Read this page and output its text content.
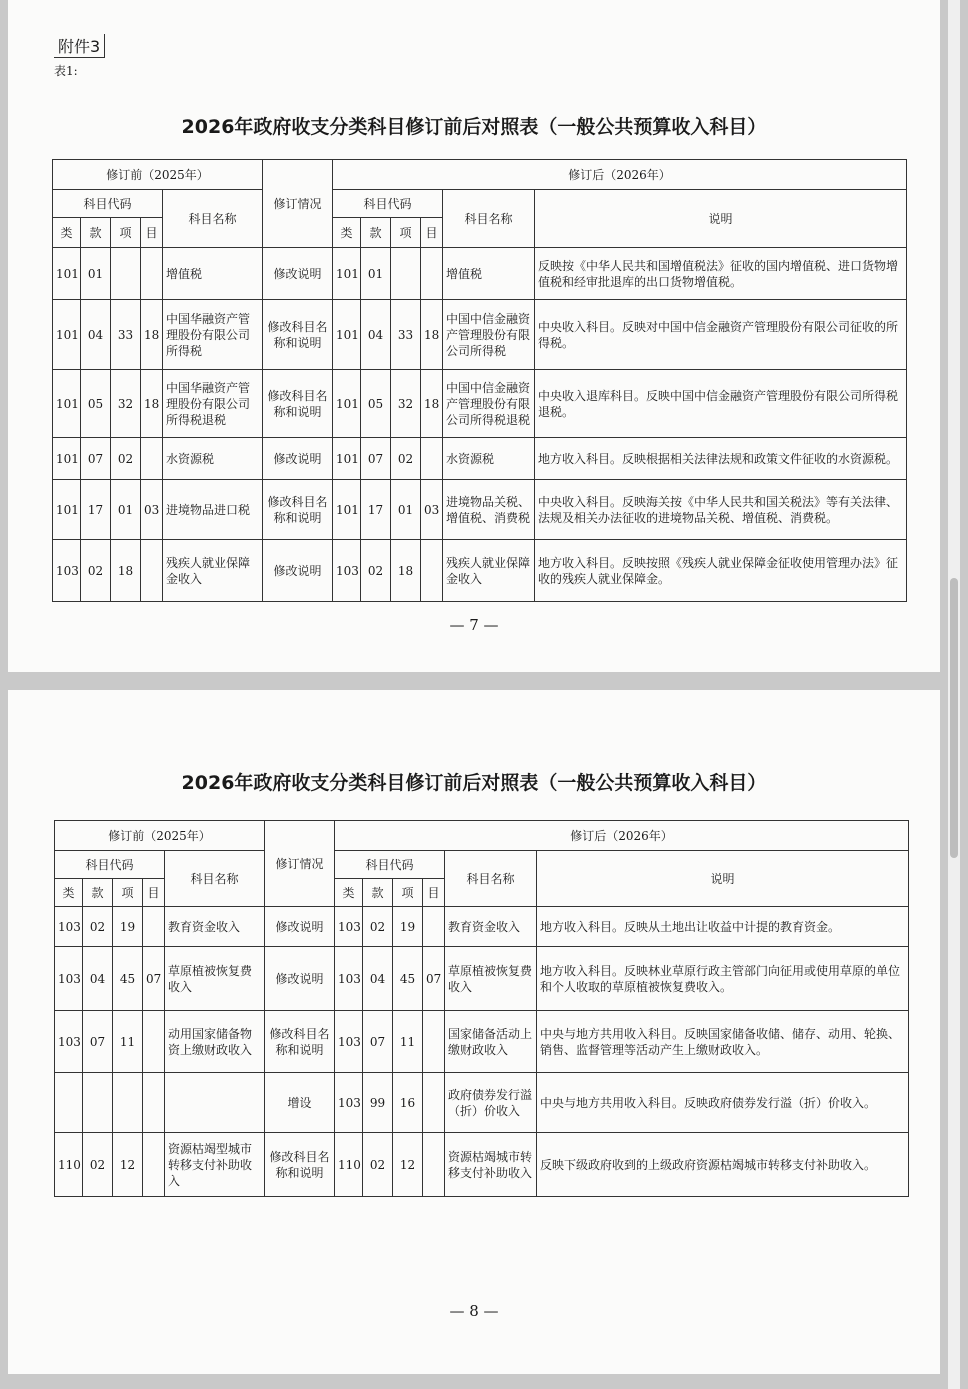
附件3
表1:
2026年政府收支分类科目修订前后对照表（一般公共预算收入科目）
修订前（2025年）					修订情况	修订后（2026年）					
科目代码				科目名称		科目代码				科目名称	说明
类	款	项	目			类	款	项	目		
101	01			增值税	修改说明	101	01			增值税	反映按《中华人民共和国增值税法》征收的国内增值税、进口货物增值税和经审批退库的出口货物增值税。
101	04	33	18	中国华融资产管理股份有限公司所得税	修改科目名称和说明	101	04	33	18	中国中信金融资产管理股份有限公司所得税	中央收入科目。反映对中国中信金融资产管理股份有限公司征收的所得税。
101	05	32	18	中国华融资产管理股份有限公司所得税退税	修改科目名称和说明	101	05	32	18	中国中信金融资产管理股份有限公司所得税退税	中央收入退库科目。反映中国中信金融资产管理股份有限公司所得税退税。
101	07	02		水资源税	修改说明	101	07	02		水资源税	地方收入科目。反映根据相关法律法规和政策文件征收的水资源税。
101	17	01	03	进境物品进口税	修改科目名称和说明	101	17	01	03	进境物品关税、增值税、消费税	中央收入科目。反映海关按《中华人民共和国关税法》等有关法律、法规及相关办法征收的进境物品关税、增值税、消费税。
103	02	18		残疾人就业保障金收入	修改说明	103	02	18		残疾人就业保障金收入	地方收入科目。反映按照《残疾人就业保障金征收使用管理办法》征收的残疾人就业保障金。
— 7 —
2026年政府收支分类科目修订前后对照表（一般公共预算收入科目）
修订前（2025年）					修订情况	修订后（2026年）					
科目代码				科目名称		科目代码				科目名称	说明
类	款	项	目			类	款	项	目		
103	02	19		教育资金收入	修改说明	103	02	19		教育资金收入	地方收入科目。反映从土地出让收益中计提的教育资金。
103	04	45	07	草原植被恢复费收入	修改说明	103	04	45	07	草原植被恢复费收入	地方收入科目。反映林业草原行政主管部门向征用或使用草原的单位和个人收取的草原植被恢复费收入。
103	07	11		动用国家储备物资上缴财政收入	修改科目名称和说明	103	07	11		国家储备活动上缴财政收入	中央与地方共用收入科目。反映国家储备收储、储存、动用、轮换、销售、监督管理等活动产生上缴财政收入。
					增设	103	99	16		政府债券发行溢（折）价收入	中央与地方共用收入科目。反映政府债券发行溢（折）价收入。
110	02	12		资源枯竭型城市转移支付补助收入	修改科目名称和说明	110	02	12		资源枯竭城市转移支付补助收入	反映下级政府收到的上级政府资源枯竭城市转移支付补助收入。
— 8 —
